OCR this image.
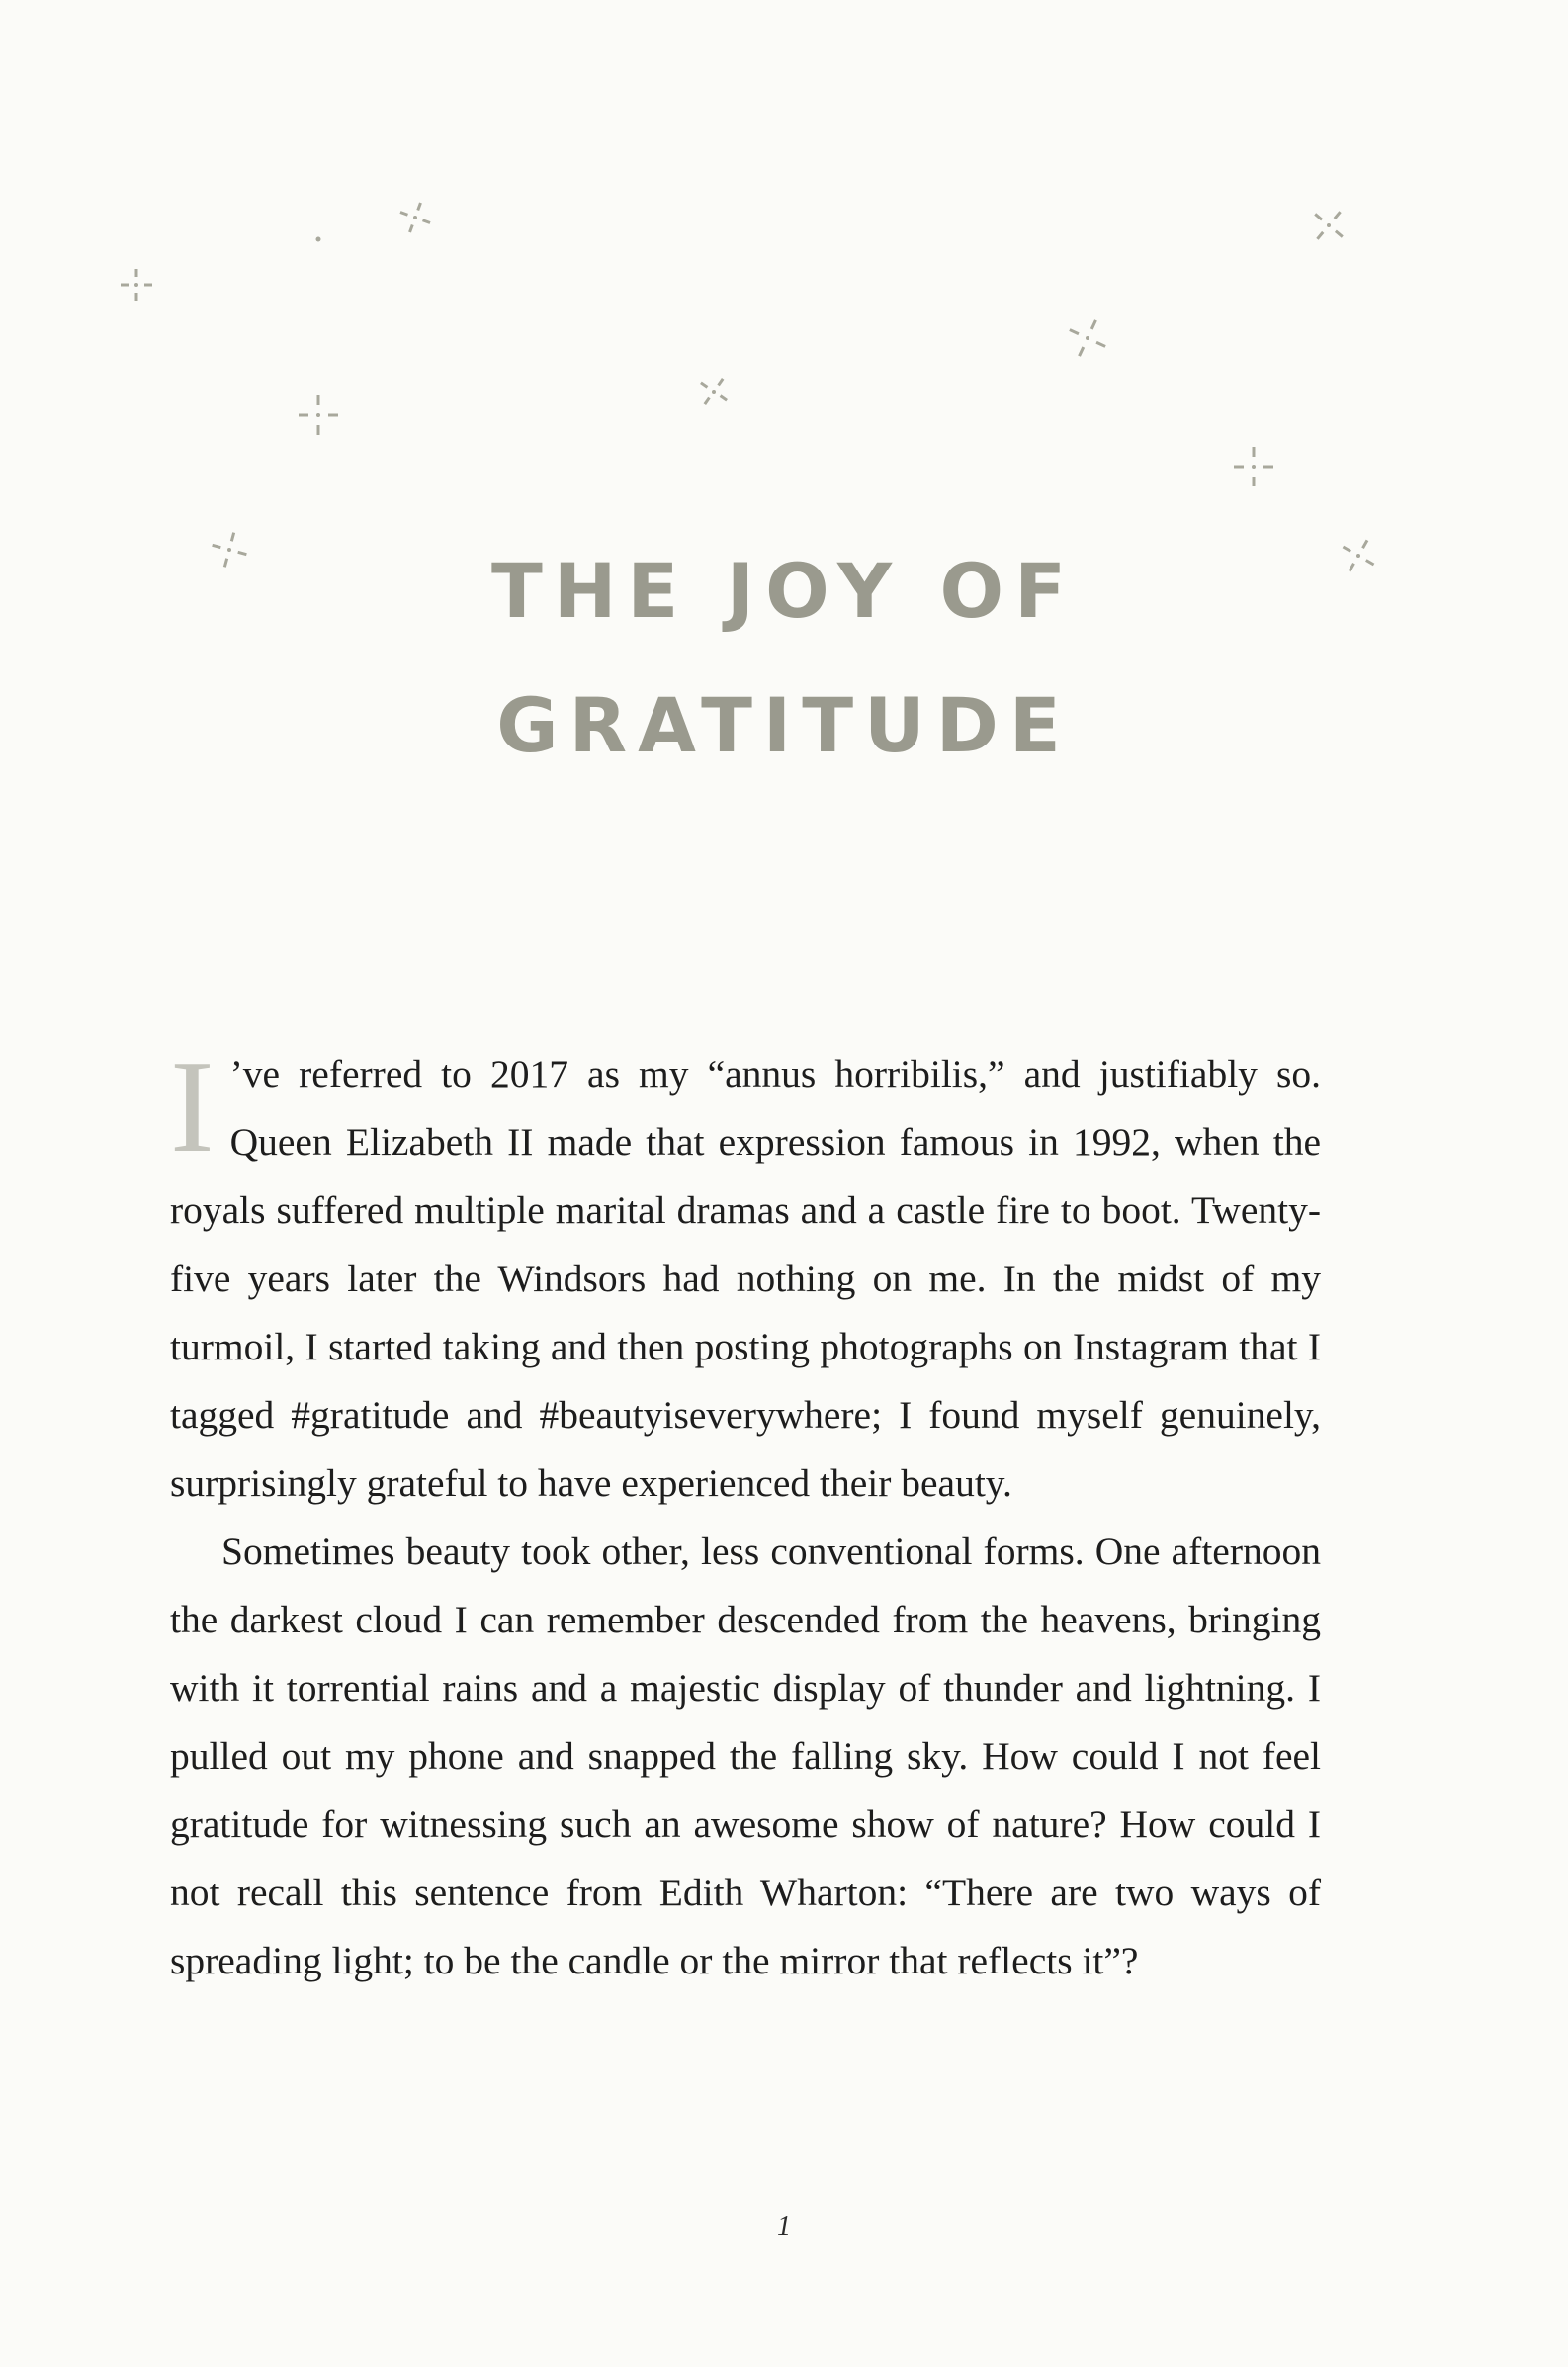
THE JOY OF
GRATITUDE

I ’ve referred to 2017 as my “annus horribilis,” and justifiably so. Queen Elizabeth II made that expression famous in 1992, when the royals suffered multiple marital dramas and a castle fire to boot. Twenty-five years later the Windsors had nothing on me. In the midst of my turmoil, I started taking and then posting photographs on Instagram that I tagged #gratitude and #beautyiseverywhere; I found myself genuinely, surprisingly grateful to have experienced their beauty.

Sometimes beauty took other, less conventional forms. One afternoon the darkest cloud I can remember descended from the heavens, bringing with it torrential rains and a majestic display of thunder and lightning. I pulled out my phone and snapped the falling sky. How could I not feel gratitude for witnessing such an awesome show of nature? How could I not recall this sentence from Edith Wharton: “There are two ways of spreading light; to be the candle or the mirror that reflects it”?

1
